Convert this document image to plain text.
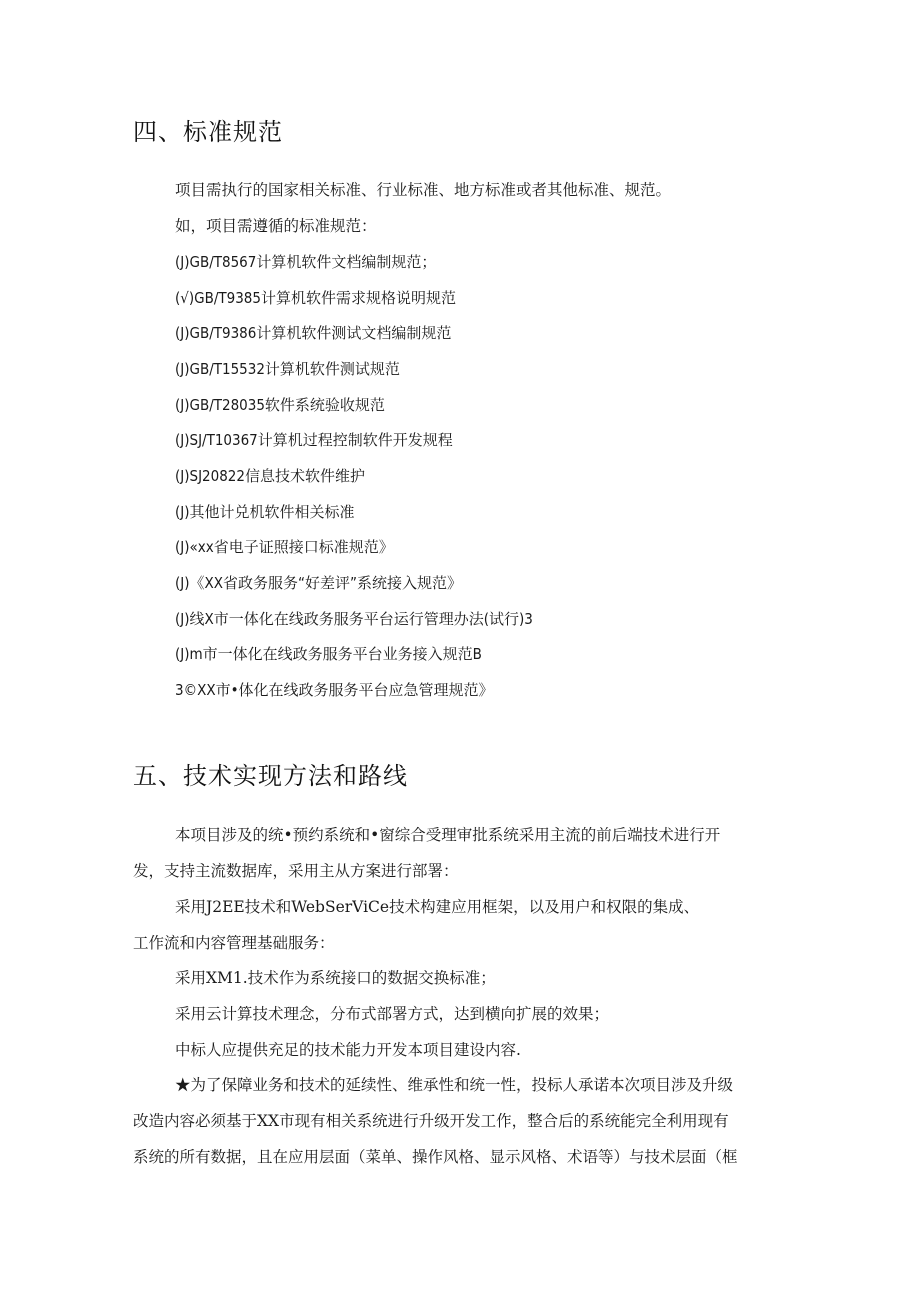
四、标准规范

项目需执行的国家相关标准、行业标准、地方标准或者其他标准、规范。

如，项目需遵循的标准规范：

(J)GB/T8567计算机软件文档编制规范；

(√)GB/T9385计算机软件需求规格说明规范

(J)GB/T9386计算机软件测试文档编制规范

(J)GB/T15532计算机软件测试规范

(J)GB/T28035软件系统验收规范

(J)SJ/T10367计算机过程控制软件开发规程

(J)SJ20822信息技术软件维护

(J)其他计兑机软件相关标准

(J)«xx省电子证照接口标准规范》

(J)《XX省政务服务“好差评”系统接入规范》

(J)线X市一体化在线政务服务平台运行管理办法(试行)3

(J)m市一体化在线政务服务平台业务接入规范B

3©XX市•体化在线政务服务平台应急管理规范》

五、技术实现方法和路线

本项目涉及的统•预约系统和•窗综合受理审批系统采用主流的前后端技术进行开

发，支持主流数据库，采用主从方案进行部署：

采用J2EE技术和WebSerViCe技术构建应用框架，以及用户和权限的集成、

工作流和内容管理基础服务：

采用XM1.技术作为系统接口的数据交换标准；

采用云计算技术理念，分布式部署方式，达到横向扩展的效果；

中标人应提供充足的技术能力开发本项目建设内容.

★为了保障业务和技术的延续性、维承性和统一性，投标人承诺本次项目涉及升级

改造内容必须基于XX市现有相关系统进行升级开发工作，整合后的系统能完全利用现有

系统的所有数据，且在应用层面（菜单、操作风格、显示风格、术语等）与技术层面（框
